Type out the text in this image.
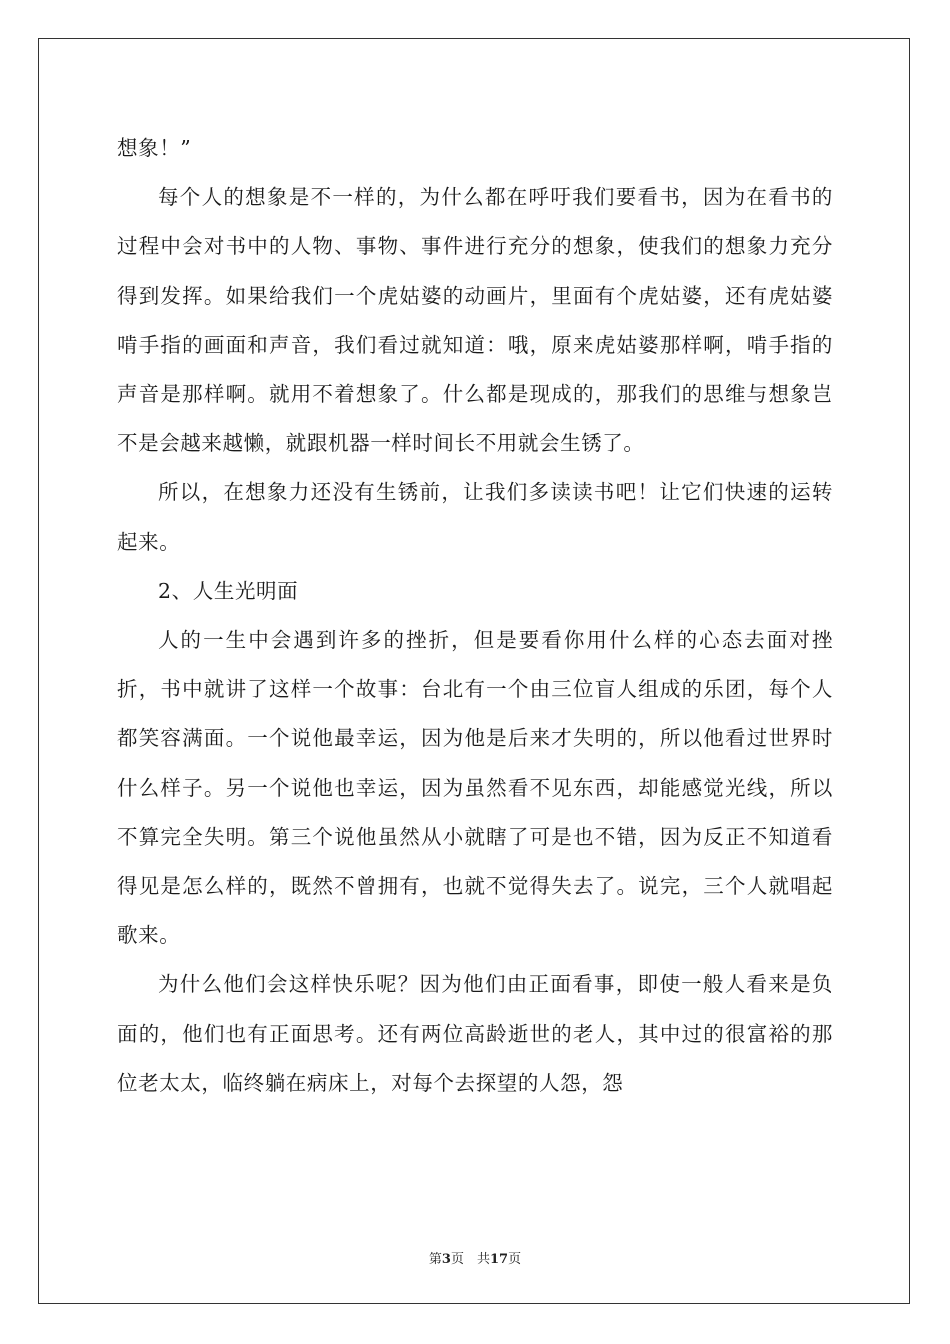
想象！”

每个人的想象是不一样的，为什么都在呼吁我们要看书，因为在看书的过程中会对书中的人物、事物、事件进行充分的想象，使我们的想象力充分得到发挥。如果给我们一个虎姑婆的动画片，里面有个虎姑婆，还有虎姑婆啃手指的画面和声音，我们看过就知道：哦，原来虎姑婆那样啊，啃手指的声音是那样啊。就用不着想象了。什么都是现成的，那我们的思维与想象岂不是会越来越懒，就跟机器一样时间长不用就会生锈了。

所以，在想象力还没有生锈前，让我们多读读书吧！让它们快速的运转起来。

2、人生光明面

人的一生中会遇到许多的挫折，但是要看你用什么样的心态去面对挫折，书中就讲了这样一个故事：台北有一个由三位盲人组成的乐团，每个人都笑容满面。一个说他最幸运，因为他是后来才失明的，所以他看过世界时什么样子。另一个说他也幸运，因为虽然看不见东西，却能感觉光线，所以不算完全失明。第三个说他虽然从小就瞎了可是也不错，因为反正不知道看得见是怎么样的，既然不曾拥有，也就不觉得失去了。说完，三个人就唱起歌来。

为什么他们会这样快乐呢？因为他们由正面看事，即使一般人看来是负面的，他们也有正面思考。还有两位高龄逝世的老人，其中过的很富裕的那位老太太，临终躺在病床上，对每个去探望的人怨，怨

第3页　共17页
